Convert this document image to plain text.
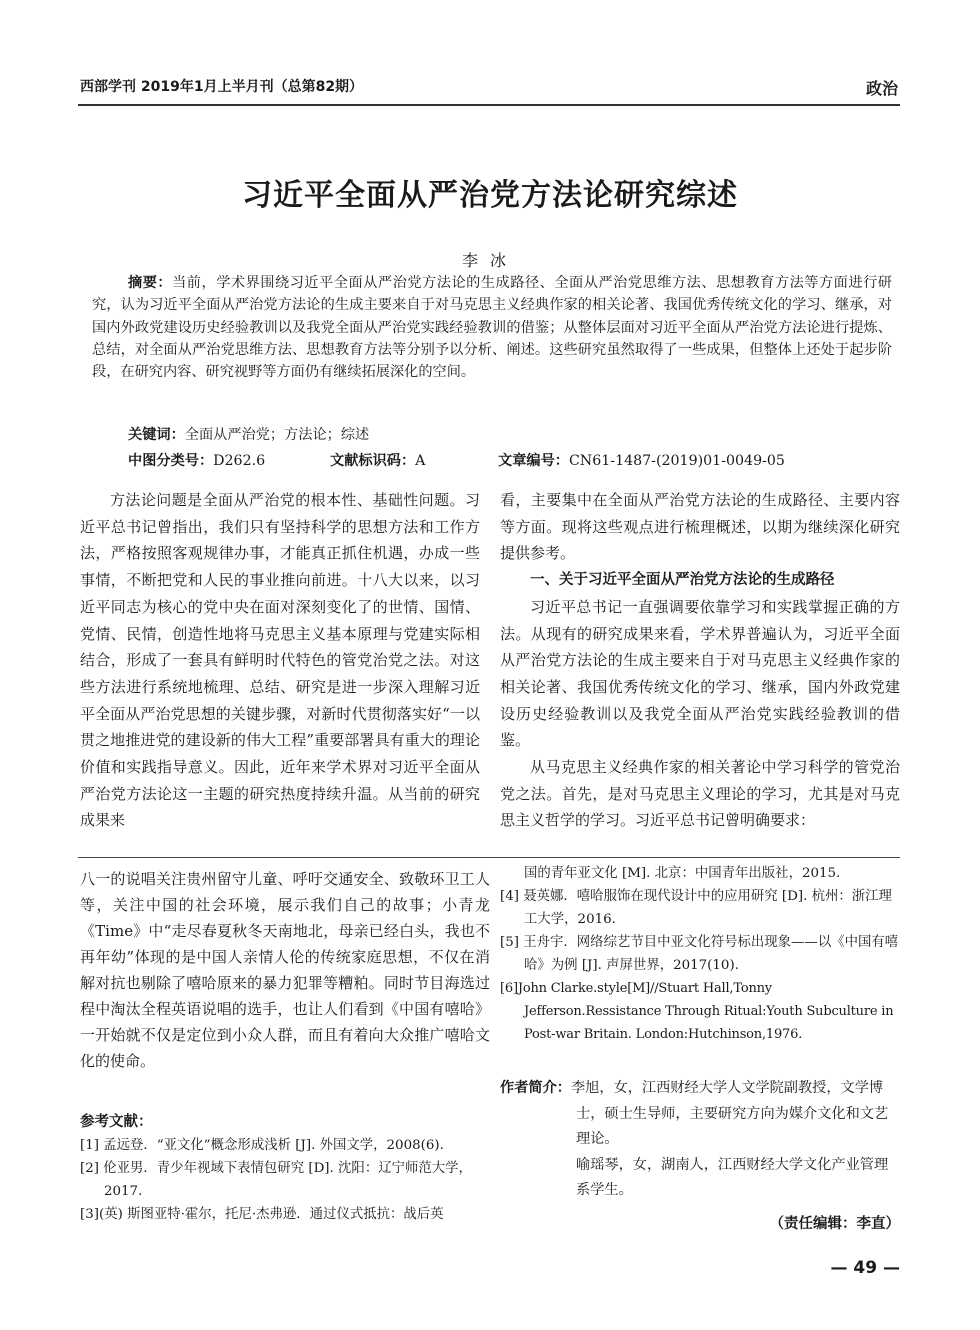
西部学刊 2019年1月上半月刊（总第82期）	政治
习近平全面从严治党方法论研究综述
李冰
摘要：当前，学术界围绕习近平全面从严治党方法论的生成路径、全面从严治党思维方法、思想教育方法等方面进行研究，认为习近平全面从严治党方法论的生成主要来自于对马克思主义经典作家的相关论著、我国优秀传统文化的学习、继承，对国内外政党建设历史经验教训以及我党全面从严治党实践经验教训的借鉴；从整体层面对习近平全面从严治党方法论进行提炼、总结，对全面从严治党思维方法、思想教育方法等分别予以分析、阐述。这些研究虽然取得了一些成果，但整体上还处于起步阶段，在研究内容、研究视野等方面仍有继续拓展深化的空间。
关键词：全面从严治党；方法论；综述
中图分类号：D262.6	文献标识码：A	文章编号：CN61-1487-(2019)01-0049-05

方法论问题是全面从严治党的根本性、基础性问题。习近平总书记曾指出，我们只有坚持科学的思想方法和工作方法，严格按照客观规律办事，才能真正抓住机遇，办成一些事情，不断把党和人民的事业推向前进。十八大以来，以习近平同志为核心的党中央在面对深刻变化了的世情、国情、党情、民情，创造性地将马克思主义基本原理与党建实际相结合，形成了一套具有鲜明时代特色的管党治党之法。对这些方法进行系统地梳理、总结、研究是进一步深入理解习近平全面从严治党思想的关键步骤，对新时代贯彻落实好“一以贯之地推进党的建设新的伟大工程”重要部署具有重大的理论价值和实践指导意义。因此，近年来学术界对习近平全面从严治党方法论这一主题的研究热度持续升温。从当前的研究成果来

看，主要集中在全面从严治党方法论的生成路径、主要内容等方面。现将这些观点进行梳理概述，以期为继续深化研究提供参考。

一、关于习近平全面从严治党方法论的生成路径

习近平总书记一直强调要依靠学习和实践掌握正确的方法。从现有的研究成果来看，学术界普遍认为，习近平全面从严治党方法论的生成主要来自于对马克思主义经典作家的相关论著、我国优秀传统文化的学习、继承，国内外政党建设历史经验教训以及我党全面从严治党实践经验教训的借鉴。

从马克思主义经典作家的相关著论中学习科学的管党治党之法。首先，是对马克思主义理论的学习，尤其是对马克思主义哲学的学习。习近平总书记曾明确要求：

八一的说唱关注贵州留守儿童、呼吁交通安全、致敬环卫工人等，关注中国的社会环境，展示我们自己的故事；小青龙《Time》中“走尽春夏秋冬天南地北，母亲已经白头，我也不再年幼”体现的是中国人亲情人伦的传统家庭思想，不仅在消解对抗也剔除了嘻哈原来的暴力犯罪等糟粕。同时节目海选过程中淘汰全程英语说唱的选手，也让人们看到《中国有嘻哈》一开始就不仅是定位到小众人群，而且有着向大众推广嘻哈文化的使命。

参考文献：
[1] 孟远登．“亚文化”概念形成浅析 [J]. 外国文学，2008(6).
[2] 伦亚男．青少年视域下表情包研究 [D]. 沈阳：辽宁师范大学，2017.
[3](英) 斯图亚特·霍尔，托尼·杰弗逊．通过仪式抵抗：战后英
国的青年亚文化 [M]. 北京：中国青年出版社，2015.
[4] 聂英娜．嘻哈服饰在现代设计中的应用研究 [D]. 杭州：浙江理工大学，2016.
[5] 王舟宇．网络综艺节目中亚文化符号标出现象——以《中国有嘻哈》为例 [J]. 声屏世界，2017(10).
[6]John Clarke.style[M]//Stuart Hall,Tonny Jefferson.Ressistance Through Ritual:Youth Subculture in Post-war Britain. London:Hutchinson,1976.
作者简介：李旭，女，江西财经大学人文学院副教授，文学博士，硕士生导师，主要研究方向为媒介文化和文艺理论。
喻瑶琴，女，湖南人，江西财经大学文化产业管理系学生。
（责任编辑：李直）
— 49 —
